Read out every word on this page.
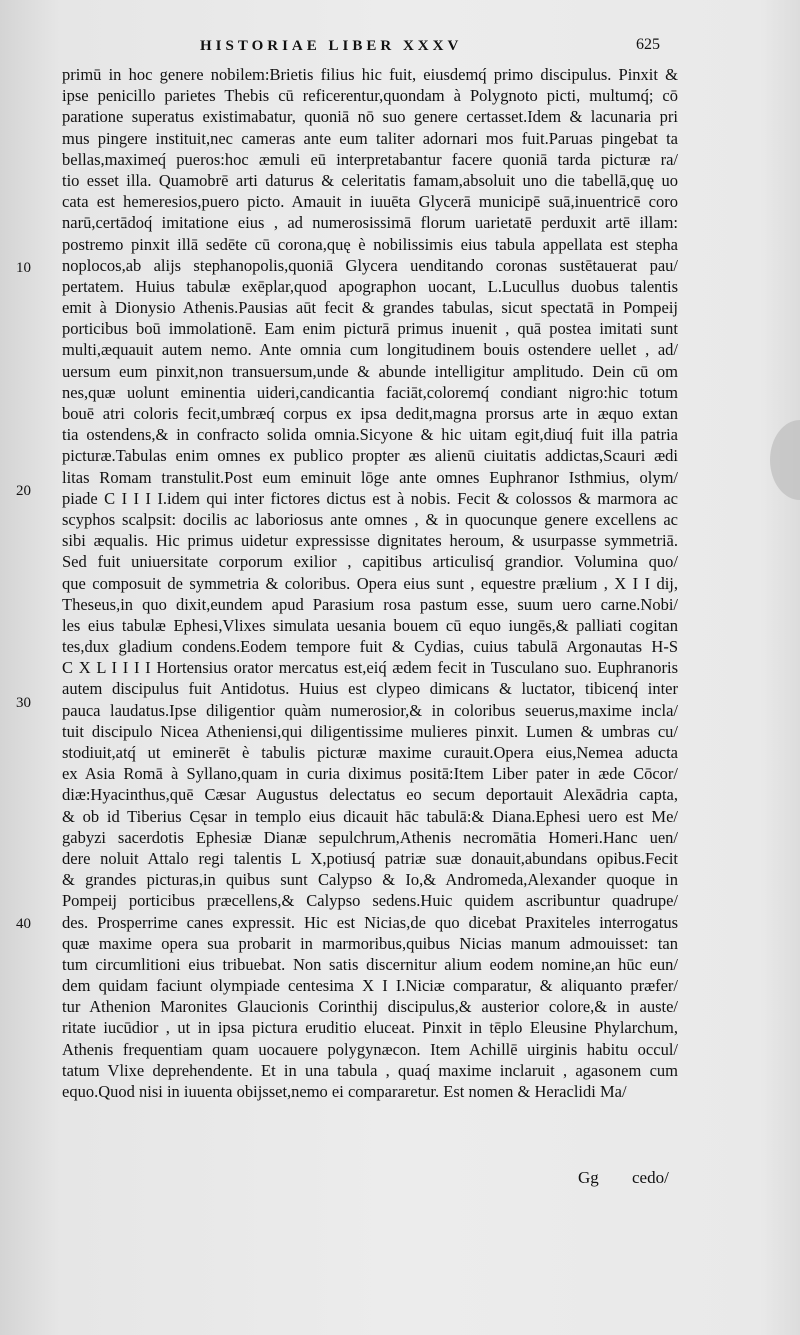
HISTORIAE LIBER XXXV	625
10
20
30
40
primū in hoc genere nobilem:Brietis filius hic fuit, eiusdemq́ primo discipulus. Pinxit &
ipse penicillo parietes Thebis cū reficerentur,quondam à Polygnoto picti, multumq́; cō
paratione superatus existimabatur, quoniā nō suo genere certasset.Idem & lacunaria pri
mus pingere instituit,nec cameras ante eum taliter adornari mos fuit.Paruas pingebat ta
bellas,maximeq́ pueros:hoc æmuli eū interpretabantur facere quoniā tarda picturæ ra/
tio esset illa. Quamobrē arti daturus & celeritatis famam,absoluit uno die tabellā,quę uo
cata est hemeresios,puero picto. Amauit in iuuēta Glycerā municipē suā,inuentricē coro
narū,certādoq́ imitatione eius , ad numerosissimā florum uarietatē perduxit artē illam:
postremo pinxit illā sedēte cū corona,quę è nobilissimis eius tabula appellata est stepha
noplocos,ab alijs stephanopolis,quoniā Glycera uenditando coronas sustētauerat pau/
pertatem. Huius tabulæ exēplar,quod apographon uocant, L.Lucullus duobus talentis
emit à Dionysio Athenis.Pausias aūt fecit & grandes tabulas, sicut spectatā in Pompeij
porticibus boū immolationē. Eam enim picturā primus inuenit , quā postea imitati sunt
multi,æquauit autem nemo. Ante omnia cum longitudinem bouis ostendere uellet , ad/
uersum eum pinxit,non transuersum,unde & abunde intelligitur amplitudo. Dein cū om
nes,quæ uolunt eminentia uideri,candicantia faciāt,coloremq́ condiant nigro:hic totum
bouē atri coloris fecit,umbræq́ corpus ex ipsa dedit,magna prorsus arte in æquo extan
tia ostendens,& in confracto solida omnia.Sicyone & hic uitam egit,diuq́ fuit illa patria
picturæ.Tabulas enim omnes ex publico propter æs alienū ciuitatis addictas,Scauri ædi
litas Romam transtulit.Post eum eminuit lōge ante omnes Euphranor Isthmius, olym/
piade C I I I I.idem qui inter fictores dictus est à nobis. Fecit & colossos & marmora ac
scyphos scalpsit: docilis ac laboriosus ante omnes , & in quocunque genere excellens ac
sibi æqualis. Hic primus uidetur expressisse dignitates heroum, & usurpasse symmetriā.
Sed fuit uniuersitate corporum exilior , capitibus articulisq́ grandior. Volumina quo/
que composuit de symmetria & coloribus. Opera eius sunt , equestre prælium , X I I dij,
Theseus,in quo dixit,eundem apud Parasium rosa pastum esse, suum uero carne.Nobi/
les eius tabulæ Ephesi,Vlixes simulata uesania bouem cū equo iungēs,& palliati cogitan
tes,dux gladium condens.Eodem tempore fuit & Cydias, cuius tabulā Argonautas H-S
C X L I I I I Hortensius orator mercatus est,eiq́ ædem fecit in Tusculano suo. Euphranoris
autem discipulus fuit Antidotus. Huius est clypeo dimicans & luctator, tibicenq́ inter
pauca laudatus.Ipse diligentior quàm numerosior,& in coloribus seuerus,maxime incla/
tuit discipulo Nicea Atheniensi,qui diligentissime mulieres pinxit. Lumen & umbras cu/
stodiuit,atq́ ut eminerēt è tabulis picturæ maxime curauit.Opera eius,Nemea aducta
ex Asia Romā à Syllano,quam in curia diximus positā:Item Liber pater in æde Cōcor/
diæ:Hyacinthus,quē Cæsar Augustus delectatus eo secum deportauit Alexādria capta,
& ob id Tiberius Cęsar in templo eius dicauit hāc tabulā:& Diana.Ephesi uero est Me/
gabyzi sacerdotis Ephesiæ Dianæ sepulchrum,Athenis necromātia Homeri.Hanc uen/
dere noluit Attalo regi talentis L X,potiusq́ patriæ suæ donauit,abundans opibus.Fecit
& grandes picturas,in quibus sunt Calypso & Io,& Andromeda,Alexander quoque in
Pompeij porticibus præcellens,& Calypso sedens.Huic quidem ascribuntur quadrupe/
des. Prosperrime canes expressit. Hic est Nicias,de quo dicebat Praxiteles interrogatus
quæ maxime opera sua probarit in marmoribus,quibus Nicias manum admouisset: tan
tum circumlitioni eius tribuebat. Non satis discernitur alium eodem nomine,an hūc eun/
dem quidam faciunt olympiade centesima X I I.Niciæ comparatur, & aliquanto præfer/
tur Athenion Maronites Glaucionis Corinthij discipulus,& austerior colore,& in auste/
ritate iucūdior , ut in ipsa pictura eruditio eluceat. Pinxit in tēplo Eleusine Phylarchum,
Athenis frequentiam quam uocauere polygynæcon. Item Achillē uirginis habitu occul/
tatum Vlixe deprehendente. Et in una tabula , quaq́ maxime inclaruit , agasonem cum
equo.Quod nisi in iuuenta obijsset,nemo ei compararetur. Est nomen & Heraclidi Ma/
Gg cedo/
